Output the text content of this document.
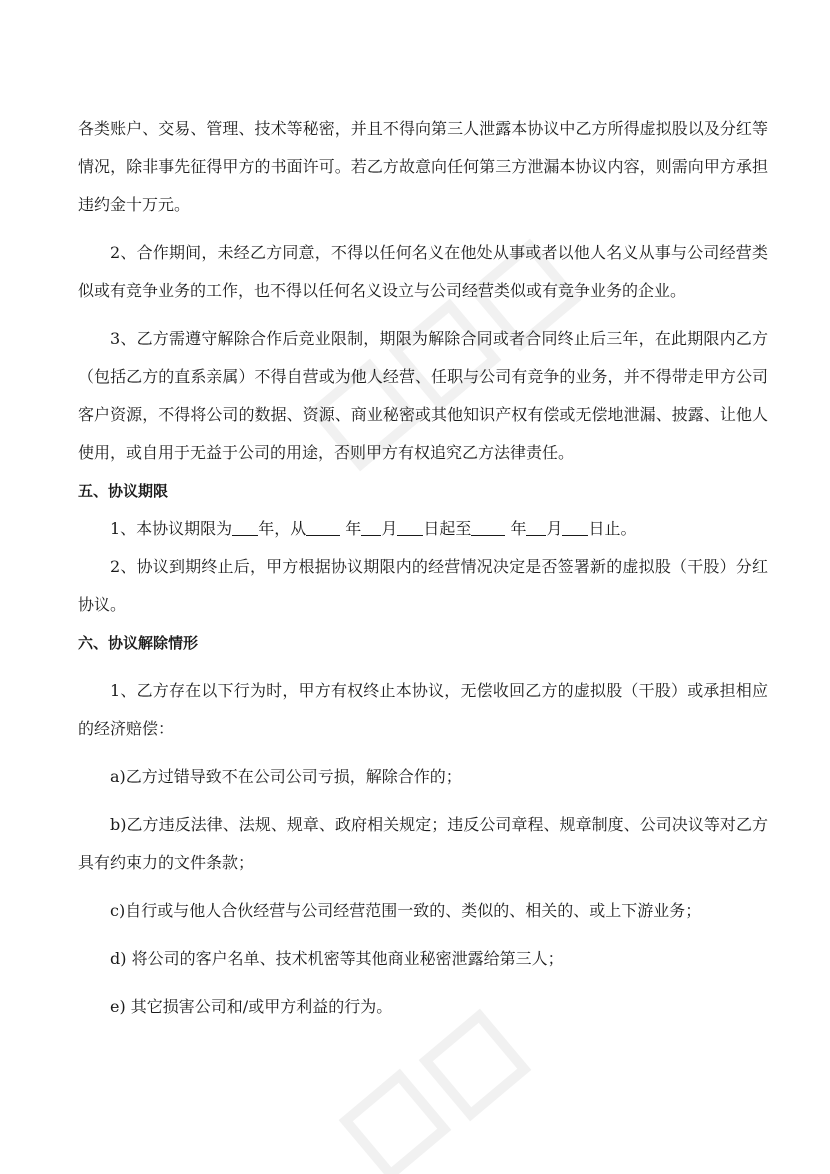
各类账户、交易、管理、技术等秘密，并且不得向第三人泄露本协议中乙方所得虚拟股以及分红等情况，除非事先征得甲方的书面许可。若乙方故意向任何第三方泄漏本协议内容，则需向甲方承担违约金十万元。

2、合作期间，未经乙方同意，不得以任何名义在他处从事或者以他人名义从事与公司经营类似或有竞争业务的工作，也不得以任何名义设立与公司经营类似或有竞争业务的企业。

3、乙方需遵守解除合作后竞业限制，期限为解除合同或者合同终止后三年，在此期限内乙方（包括乙方的直系亲属）不得自营或为他人经营、任职与公司有竞争的业务，并不得带走甲方公司客户资源，不得将公司的数据、资源、商业秘密或其他知识产权有偿或无偿地泄漏、披露、让他人使用，或自用于无益于公司的用途，否则甲方有权追究乙方法律责任。

五、协议期限

1、本协议期限为 年，从 年 月 日起至 年 月 日止。

2、协议到期终止后，甲方根据协议期限内的经营情况决定是否签署新的虚拟股（干股）分红协议。

六、协议解除情形

1、乙方存在以下行为时，甲方有权终止本协议，无偿收回乙方的虚拟股（干股）或承担相应的经济赔偿：

a)乙方过错导致不在公司公司亏损，解除合作的；

b)乙方违反法律、法规、规章、政府相关规定；违反公司章程、规章制度、公司决议等对乙方具有约束力的文件条款；

c)自行或与他人合伙经营与公司经营范围一致的、类似的、相关的、或上下游业务；

d) 将公司的客户名单、技术机密等其他商业秘密泄露给第三人；

e) 其它损害公司和/或甲方利益的行为。
